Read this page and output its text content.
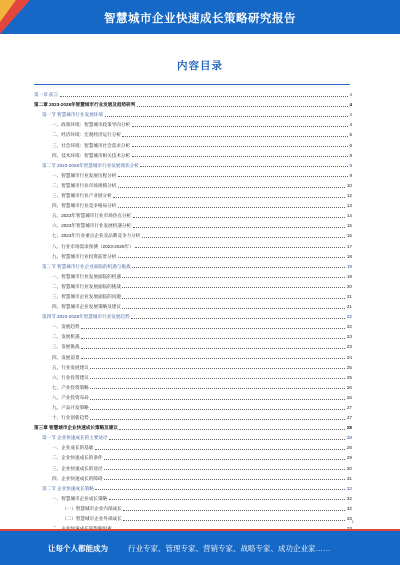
智慧城市企业快速成长策略研究报告
内容目录
第一章 前言	4
第二章 2023-2028年智慧城市行业发展及趋势研判	4
第一节 智慧城市行业发展环境	4
一、政策环境：智慧城市政策导向分析	4
二、经济环境：宏观经济运行分析	5
三、社会环境：智慧城市社会需求分析	6
四、技术环境：智慧城市相关技术分析	8
第二节 2023-2028年智慧城市行业发展现状分析	9
一、智慧城市行业发展历程分析	9
二、智慧城市行业市场规模分析	10
三、智慧城市行业产业链分析	12
四、智慧城市行业竞争格局分析	13
五、2023年智慧城市行业市场热点分析	14
六、2023年智慧城市行业发展机遇分析	15
七、2023年行业重点企业及品牌竞争力分析	16
八、行业市场需求预测（2023-2028年）	17
九、智慧城市行业投资前景分析	18
第三节 智慧城市行业企业面临的机遇与挑战	19
一、智慧城市行业发展面临的机遇	19
二、智慧城市行业发展面临的挑战	20
三、智慧城市企业发展面临的问题	21
四、智慧城市企业发展策略及建议	21
第四节 2023-2028年智慧城市行业发展趋势	22
一、发展趋势	22
二、发展机遇	23
三、发展挑战	23
四、发展前景	24
五、行业发展建议	25
六、行业投资建议	25
七、产业投资策略	26
八、产业投资布局	26
九、产品开发策略	27
十、行业创新趋势	27
第三章 智慧城市企业快速成长策略及建议	28
第一节 企业快速成长的主要途径	28
一、企业成长的基础	28
二、企业快速成长的条件	29
三、企业快速成长的途径	30
四、企业快速成长的障碍	31
第二节 企业快速成长策略	32
一、智慧城市企业成长策略	32
（一）智慧城市企业内部成长	32
（二）智慧城市企业外部成长	33
1
让每个人都能成为	行业专家、管理专家、营销专家、战略专家、成功企业家……
